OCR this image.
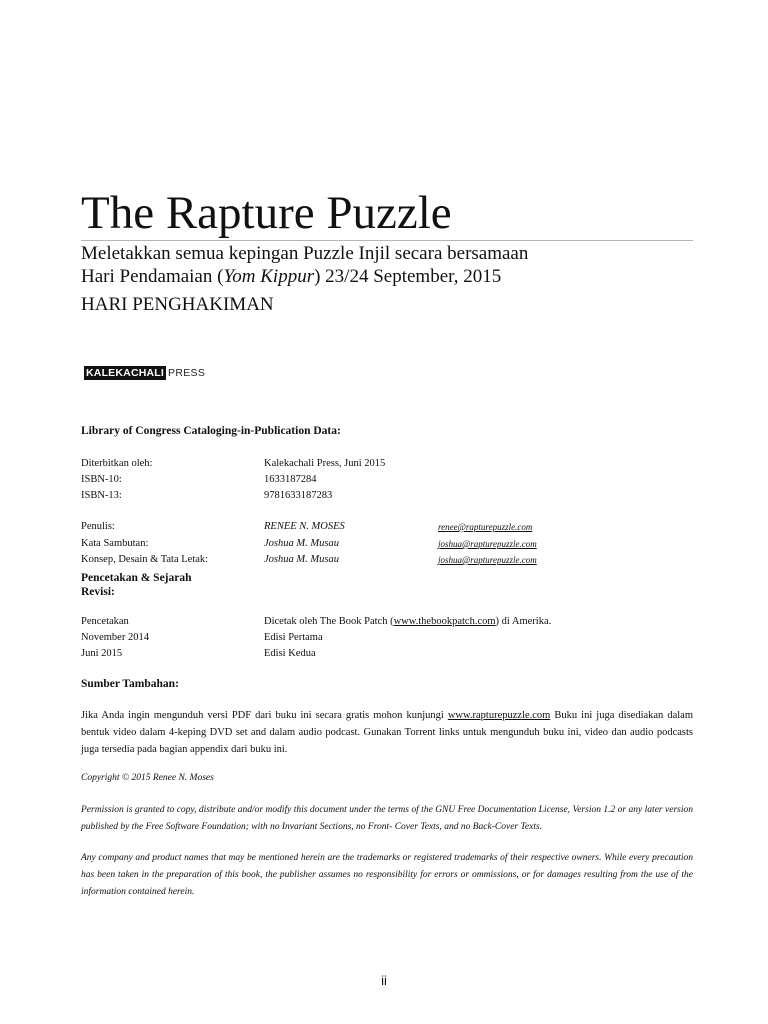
The Rapture Puzzle
Meletakkan semua kepingan Puzzle Injil secara bersamaan
Hari Pendamaian (Yom Kippur) 23/24 September, 2015
HARI PENGHAKIMAN
KALEKACHALI PRESS
Library of Congress Cataloging-in-Publication Data:
Diterbitkan oleh:	Kalekachali Press, Juni 2015
ISBN-10:	1633187284
ISBN-13:	9781633187283
Penulis:	RENEE N. MOSES	renee@rapturepuzzle.com
Kata Sambutan:	Joshua M. Musau	joshua@rapturepuzzle.com
Konsep, Desain & Tata Letak:	Joshua M. Musau	joshua@rapturepuzzle.com
Pencetakan & Sejarah
Revisi:
Pencetakan	Dicetak oleh The Book Patch (www.thebookpatch.com) di Amerika.
November 2014	Edisi Pertama
Juni 2015	Edisi Kedua
Sumber Tambahan:
Jika Anda ingin mengunduh versi PDF dari buku ini secara gratis mohon kunjungi www.rapturepuzzle.com Buku ini juga disediakan dalam bentuk video dalam 4-keping DVD set and dalam audio podcast. Gunakan Torrent links untuk mengunduh buku ini, video dan audio podcasts juga tersedia pada bagian appendix dari buku ini.
Copyright © 2015 Renee N. Moses
Permission is granted to copy, distribute and/or modify this document under the terms of the GNU Free Documentation License, Version 1.2 or any later version published by the Free Software Foundation; with no Invariant Sections, no Front- Cover Texts, and no Back-Cover Texts.
Any company and product names that may be mentioned herein are the trademarks or registered trademarks of their respective owners. While every precaution has been taken in the preparation of this book, the publisher assumes no responsibility for errors or ommissions, or for damages resulting from the use of the information contained herein.
ii
